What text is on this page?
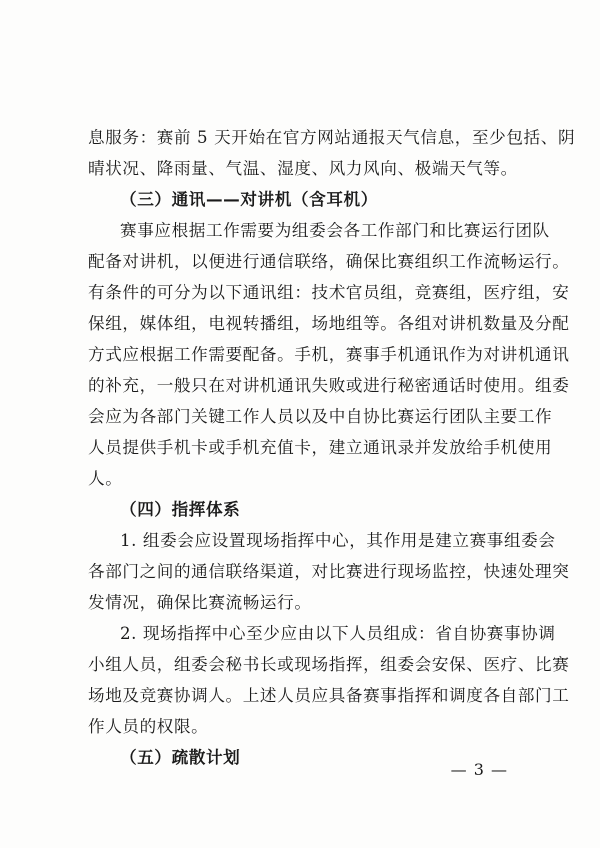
息服务：赛前 5 天开始在官方网站通报天气信息，至少包括、阴
晴状况、降雨量、气温、湿度、风力风向、极端天气等。
（三）通讯——对讲机（含耳机）
赛事应根据工作需要为组委会各工作部门和比赛运行团队
配备对讲机，以便进行通信联络，确保比赛组织工作流畅运行。
有条件的可分为以下通讯组：技术官员组，竞赛组，医疗组，安
保组，媒体组，电视转播组，场地组等。各组对讲机数量及分配
方式应根据工作需要配备。手机，赛事手机通讯作为对讲机通讯
的补充，一般只在对讲机通讯失败或进行秘密通话时使用。组委
会应为各部门关键工作人员以及中自协比赛运行团队主要工作
人员提供手机卡或手机充值卡，建立通讯录并发放给手机使用
人。
（四）指挥体系
1. 组委会应设置现场指挥中心，其作用是建立赛事组委会
各部门之间的通信联络渠道，对比赛进行现场监控，快速处理突
发情况，确保比赛流畅运行。
2. 现场指挥中心至少应由以下人员组成：省自协赛事协调
小组人员，组委会秘书长或现场指挥，组委会安保、医疗、比赛
场地及竞赛协调人。上述人员应具备赛事指挥和调度各自部门工
作人员的权限。
（五）疏散计划
— 3 —
